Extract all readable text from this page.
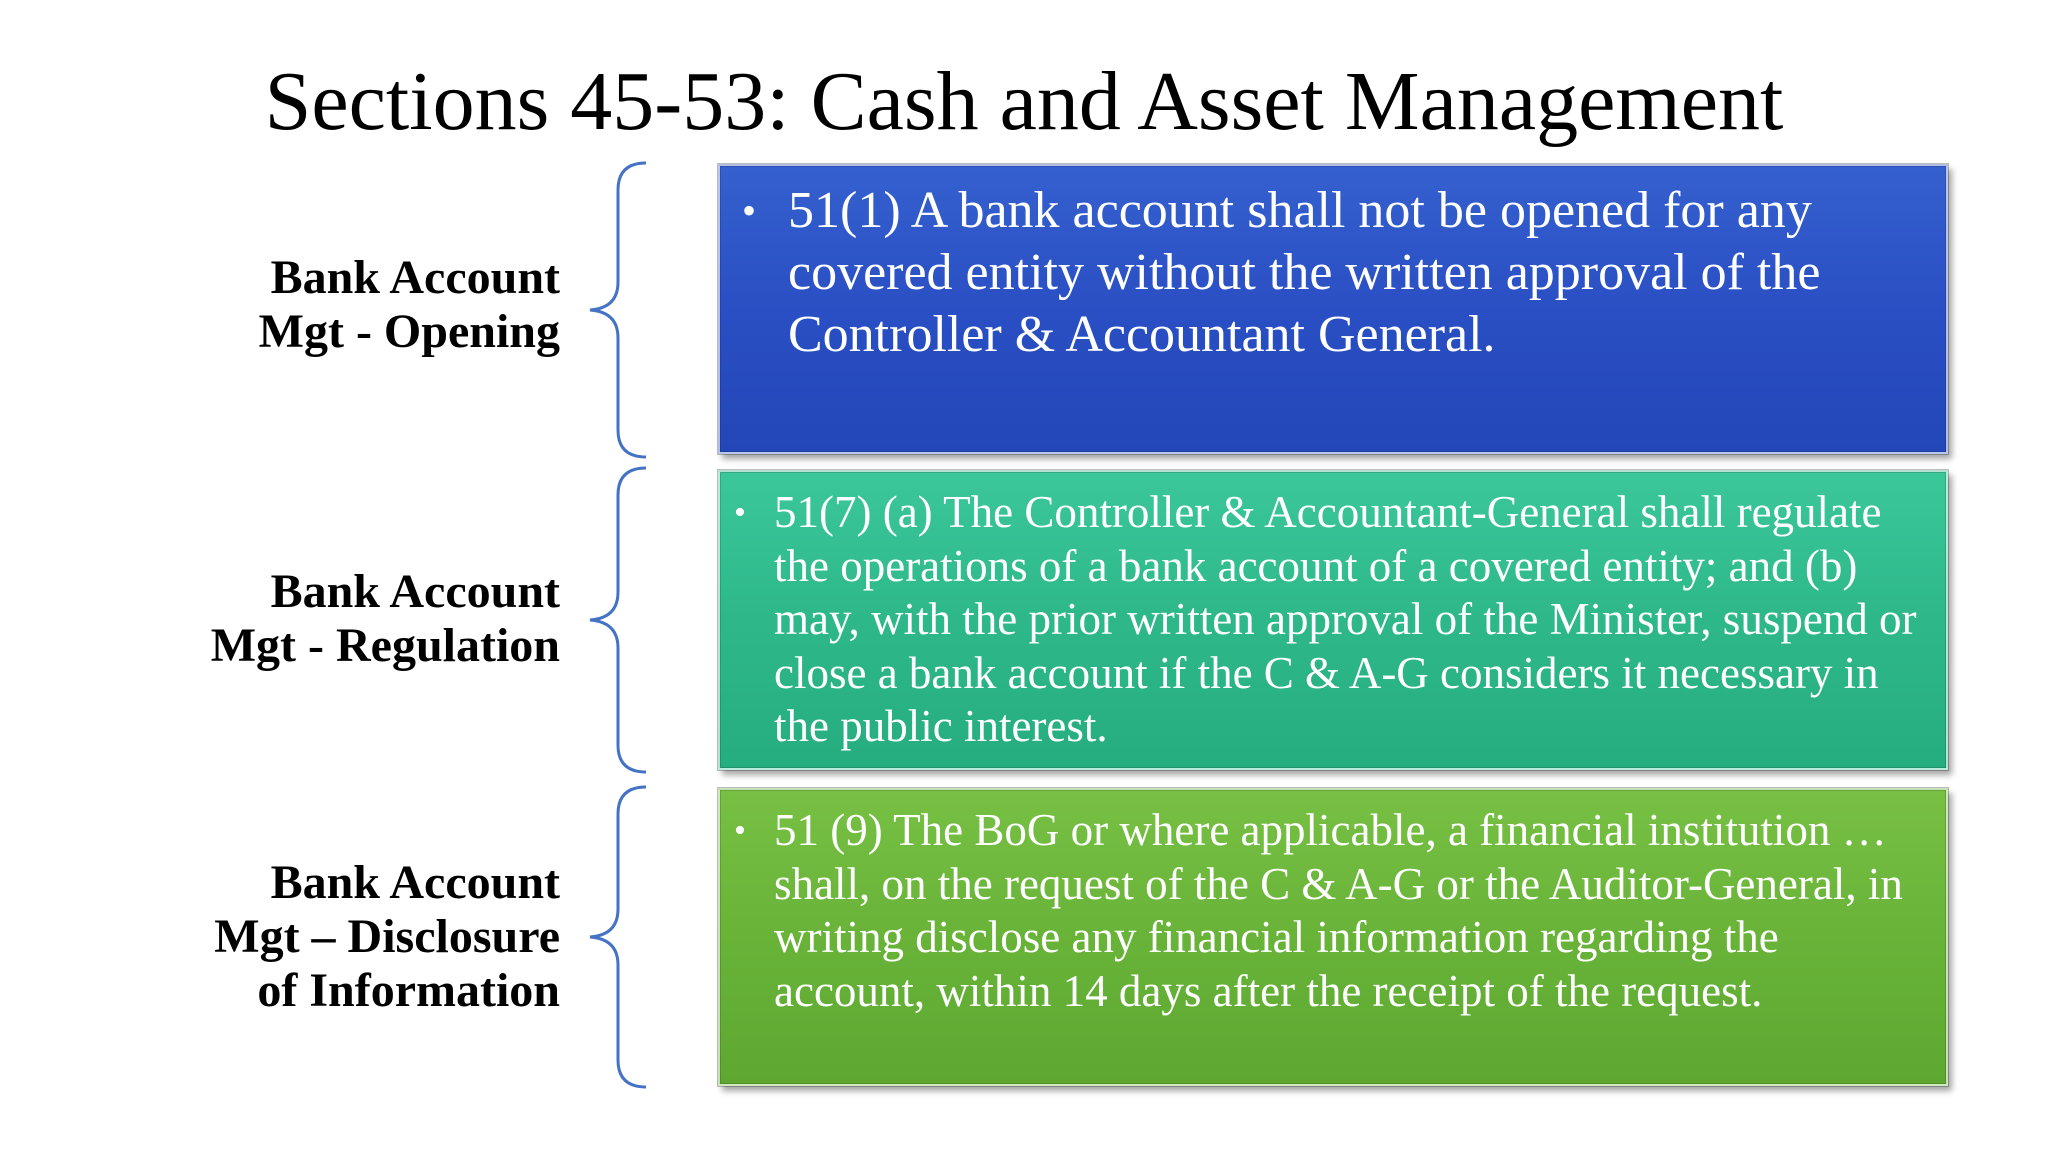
Sections 45-53: Cash and Asset Management
Bank Account
Mgt - Opening
• 51(1) A bank account shall not be opened for any covered entity without the written approval of the Controller & Accountant General.
Bank Account
Mgt - Regulation
• 51(7) (a) The Controller & Accountant-General shall regulate the operations of a bank account of a covered entity; and (b) may, with the prior written approval of the Minister, suspend or close a bank account if the C & A-G considers it necessary in the public interest.
Bank Account
Mgt – Disclosure
of Information
• 51 (9) The BoG or where applicable, a financial institution … shall, on the request of the C & A-G or the Auditor-General, in writing disclose any financial information regarding the account, within 14 days after the receipt of the request.
